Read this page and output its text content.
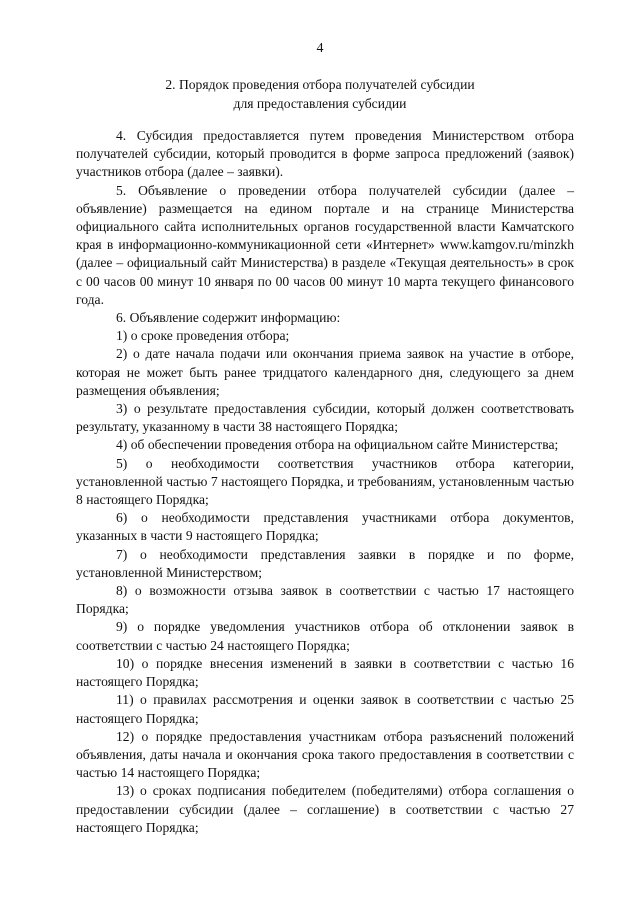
4
2. Порядок проведения отбора получателей субсидии
для предоставления субсидии

4. Субсидия предоставляется путем проведения Министерством отбора получателей субсидии, который проводится в форме запроса предложений (заявок) участников отбора (далее – заявки).

5. Объявление о проведении отбора получателей субсидии (далее – объявление) размещается на едином портале и на странице Министерства официального сайта исполнительных органов государственной власти Камчатского края в информационно-коммуникационной сети «Интернет» www.kamgov.ru/minzkh (далее – официальный сайт Министерства) в разделе «Текущая деятельность» в срок с 00 часов 00 минут 10 января по 00 часов 00 минут 10 марта текущего финансового года.

6. Объявление содержит информацию:

1) о сроке проведения отбора;

2) о дате начала подачи или окончания приема заявок на участие в отборе, которая не может быть ранее тридцатого календарного дня, следующего за днем размещения объявления;

3) о результате предоставления субсидии, который должен соответствовать результату, указанному в части 38 настоящего Порядка;

4) об обеспечении проведения отбора на официальном сайте Министерства;

5) о необходимости соответствия участников отбора категории, установленной частью 7 настоящего Порядка, и требованиям, установленным частью 8 настоящего Порядка;

6) о необходимости представления участниками отбора документов, указанных в части 9 настоящего Порядка;

7) о необходимости представления заявки в порядке и по форме, установленной Министерством;

8) о возможности отзыва заявок в соответствии с частью 17 настоящего Порядка;

9) о порядке уведомления участников отбора об отклонении заявок в соответствии с частью 24 настоящего Порядка;

10) о порядке внесения изменений в заявки в соответствии с частью 16 настоящего Порядка;

11) о правилах рассмотрения и оценки заявок в соответствии с частью 25 настоящего Порядка;

12) о порядке предоставления участникам отбора разъяснений положений объявления, даты начала и окончания срока такого предоставления в соответствии с частью 14 настоящего Порядка;

13) о сроках подписания победителем (победителями) отбора соглашения о предоставлении субсидии (далее – соглашение) в соответствии с частью 27 настоящего Порядка;
